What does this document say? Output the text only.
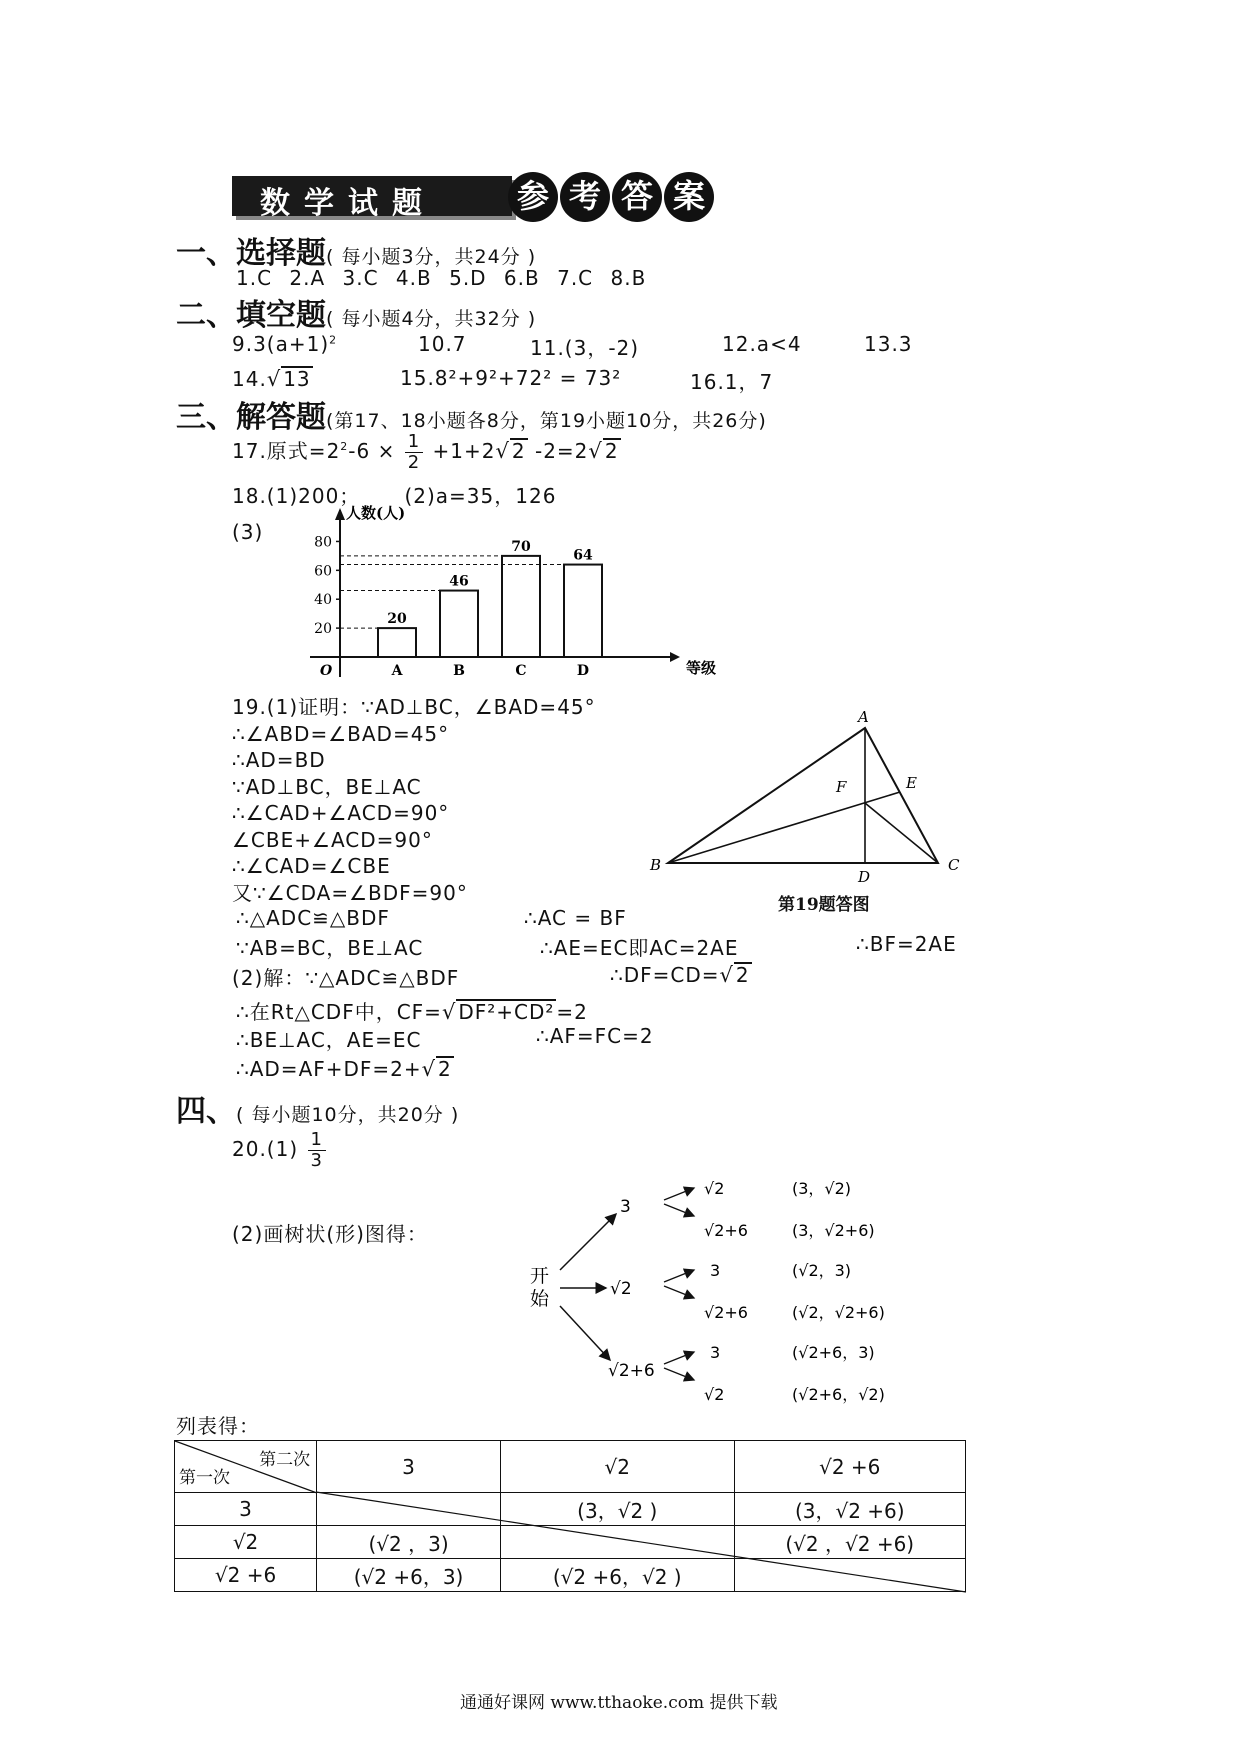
数学试题	参 考 答 案
一、选择题( 每小题3分，共24分 )
1.C 2.A 3.C 4.B 5.D 6.B 7.C 8.B
二、填空题( 每小题4分，共32分 )
$9.3(a+1)^2$	10.7	11.(3，-2)	12.a<4	13.3
14.√ 13	15.8²+9²+72² = 73²	16.1，7
三、解答题(第17、18小题各8分，第19小题10分，共26分)
17.原式$=2^2-6 \times \frac{1}{2} +1+2√$ 2 -2=2√ 2
18.(1)200；      (2)a=35，126
(3)
人数(人)
等级
O
20
40
60
80
20
A
46
B
70
C
64
D
19.(1)证明：∵AD⊥BC，∠BAD=45°
∴∠ABD=∠BAD=45°
∴AD=BD
∵AD⊥BC，BE⊥AC
∴∠CAD+∠ACD=90°
∠CBE+∠ACD=90°
∴∠CAD=∠CBE
又∵∠CDA=∠BDF=90°
∴△ADC≌△BDF	∴AC = BF
∵AB=BC，BE⊥AC	∴AE=EC即AC=2AE	∴BF=2AE
(2)解：∵△ADC≌△BDF	∴DF=CD=√ 2
∴在Rt△CDF中，CF=√ DF²+CD² =2
∴BE⊥AC，AE=EC	∴AF=FC=2
∴AD=AF+DF=2+√ 2
A
B	C
D
E
F
第19题答图
四、( 每小题10分，共20分 )
$20.(1) \frac{1}{3}$
(2)画树状(形)图得：
开
始
3
√2
√2+6
√2
√2+6
3
√2+6
3
√2
(3，√2)
(3，√2+6)
(√2，3)
(√2，√2+6)
(√2+6，3)
(√2+6，√2)
列表得：
第二次
第一次	3	√2	√2 +6
3		(3，√2 )	(3，√2 +6)
√2	(√2 ，3)		(√2 ，√2 +6)
√2 +6	(√2 +6，3)	(√2 +6，√2 )	
通通好课网 www.tthaoke.com 提供下载
